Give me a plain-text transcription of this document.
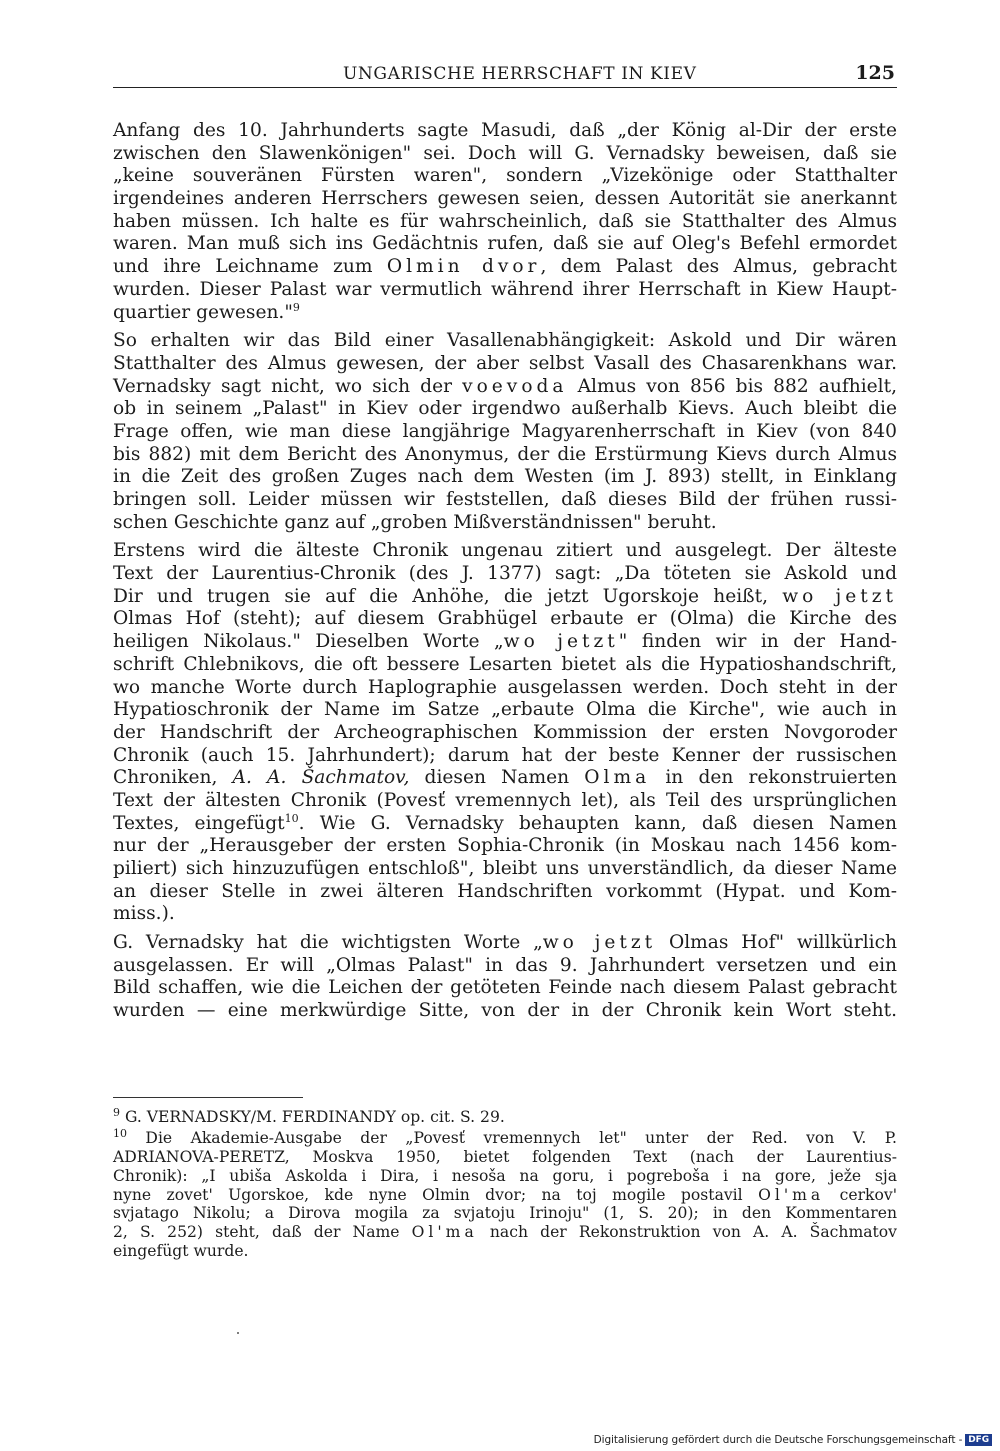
UNGARISCHE HERRSCHAFT IN KIEV	125
Anfang des 10. Jahrhunderts sagte Masudi, daß „der König al-Dir der erste
zwischen den Slawenkönigen" sei. Doch will G. Vernadsky beweisen, daß sie
„keine souveränen Fürsten waren", sondern „Vizekönige oder Statthalter
irgendeines anderen Herrschers gewesen seien, dessen Autorität sie anerkannt
haben müssen. Ich halte es für wahrscheinlich, daß sie Statthalter des Almus
waren. Man muß sich ins Gedächtnis rufen, daß sie auf Oleg's Befehl ermordet
und ihre Leichname zum Olmin dvor, dem Palast des Almus, gebracht
wurden. Dieser Palast war vermutlich während ihrer Herrschaft in Kiew Haupt-
quartier gewesen."$^9$
So erhalten wir das Bild einer Vasallenabhängigkeit: Askold und Dir wären
Statthalter des Almus gewesen, der aber selbst Vasall des Chasarenkhans war.
Vernadsky sagt nicht, wo sich der voevoda Almus von 856 bis 882 aufhielt,
ob in seinem „Palast" in Kiev oder irgendwo außerhalb Kievs. Auch bleibt die
Frage offen, wie man diese langjährige Magyarenherrschaft in Kiev (von 840
bis 882) mit dem Bericht des Anonymus, der die Erstürmung Kievs durch Almus
in die Zeit des großen Zuges nach dem Westen (im J. 893) stellt, in Einklang
bringen soll. Leider müssen wir feststellen, daß dieses Bild der frühen russi-
schen Geschichte ganz auf „groben Mißverständnissen" beruht.
Erstens wird die älteste Chronik ungenau zitiert und ausgelegt. Der älteste
Text der Laurentius-Chronik (des J. 1377) sagt: „Da töteten sie Askold und
Dir und trugen sie auf die Anhöhe, die jetzt Ugorskoje heißt, wo jetzt
Olmas Hof (steht); auf diesem Grabhügel erbaute er (Olma) die Kirche des
heiligen Nikolaus." Dieselben Worte „wo jetzt" finden wir in der Hand-
schrift Chlebnikovs, die oft bessere Lesarten bietet als die Hypatioshandschrift,
wo manche Worte durch Haplographie ausgelassen werden. Doch steht in der
Hypatioschronik der Name im Satze „erbaute Olma die Kirche", wie auch in
der Handschrift der Archeographischen Kommission der ersten Novgoroder
Chronik (auch 15. Jahrhundert); darum hat der beste Kenner der russischen
Chroniken, A. A. Šachmatov, diesen Namen Olma in den rekonstruierten
Text der ältesten Chronik (Povesť vremennych let), als Teil des ursprünglichen
Textes, eingefügt$^{10}$. Wie G. Vernadsky behaupten kann, daß diesen Namen
nur der „Herausgeber der ersten Sophia-Chronik (in Moskau nach 1456 kom-
piliert) sich hinzuzufügen entschloß", bleibt uns unverständlich, da dieser Name
an dieser Stelle in zwei älteren Handschriften vorkommt (Hypat. und Kom-
miss.).
G. Vernadsky hat die wichtigsten Worte „wo jetzt Olmas Hof" willkürlich
ausgelassen. Er will „Olmas Palast" in das 9. Jahrhundert versetzen und ein
Bild schaffen, wie die Leichen der getöteten Feinde nach diesem Palast gebracht
wurden — eine merkwürdige Sitte, von der in der Chronik kein Wort steht.
$^9$ G. VERNADSKY/M. FERDINANDY op. cit. S. 29.
$^{10}$ Die Akademie-Ausgabe der „Povesť vremennych let" unter der Red. von V. P.
ADRIANOVA-PERETZ, Moskva 1950, bietet folgenden Text (nach der Laurentius-
Chronik): „I ubiša Askolda i Dira, i nesoša na goru, i pogreboša i na gore, ježe sja
nyne zovet' Ugorskoe, kde nyne Olmin dvor; na toj mogile postavil Ol'ma cerkov'
svjatago Nikolu; a Dirova mogila za svjatoju Irinoju" (1, S. 20); in den Kommentaren
2, S. 252) steht, daß der Name Ol'ma nach der Rekonstruktion von A. A. Šachmatov
eingefügt wurde.
Digitalisierung gefördert durch die Deutsche Forschungsgemeinschaft - DFG
